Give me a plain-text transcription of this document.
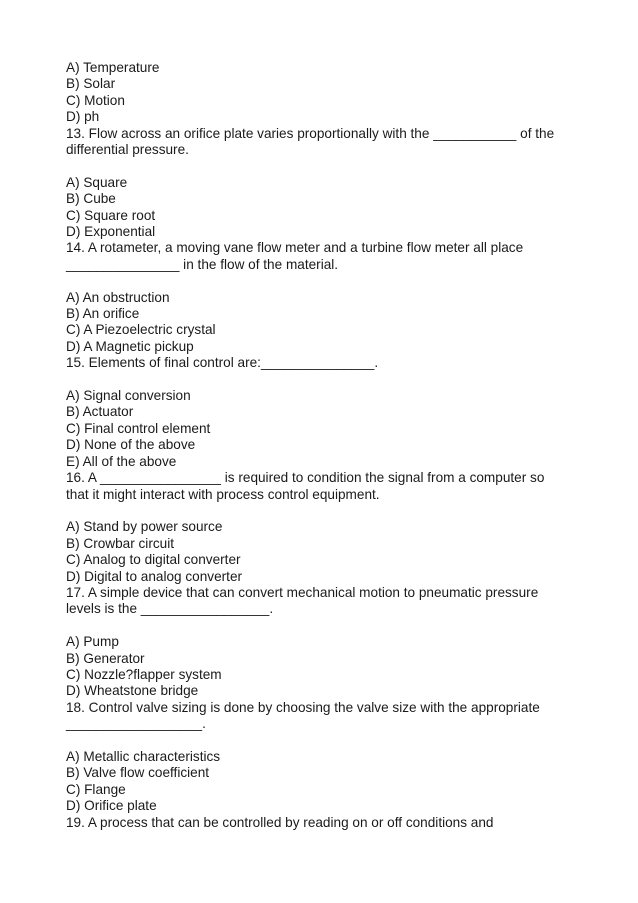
A) Temperature
B) Solar
C) Motion
D) ph
13. Flow across an orifice plate varies proportionally with the ___________ of the
differential pressure.
A) Square
B) Cube
C) Square root
D) Exponential
14. A rotameter, a moving vane flow meter and a turbine flow meter all place
_______________ in the flow of the material.
A) An obstruction
B) An orifice
C) A Piezoelectric crystal
D) A Magnetic pickup
15. Elements of final control are:_______________.
A) Signal conversion
B) Actuator
C) Final control element
D) None of the above
E) All of the above
16. A ________________ is required to condition the signal from a computer so
that it might interact with process control equipment.
A) Stand by power source
B) Crowbar circuit
C) Analog to digital converter
D) Digital to analog converter
17. A simple device that can convert mechanical motion to pneumatic pressure
levels is the _________________.
A) Pump
B) Generator
C) Nozzle?flapper system
D) Wheatstone bridge
18. Control valve sizing is done by choosing the valve size with the appropriate
__________________.
A) Metallic characteristics
B) Valve flow coefficient
C) Flange
D) Orifice plate
19. A process that can be controlled by reading on or off conditions and
